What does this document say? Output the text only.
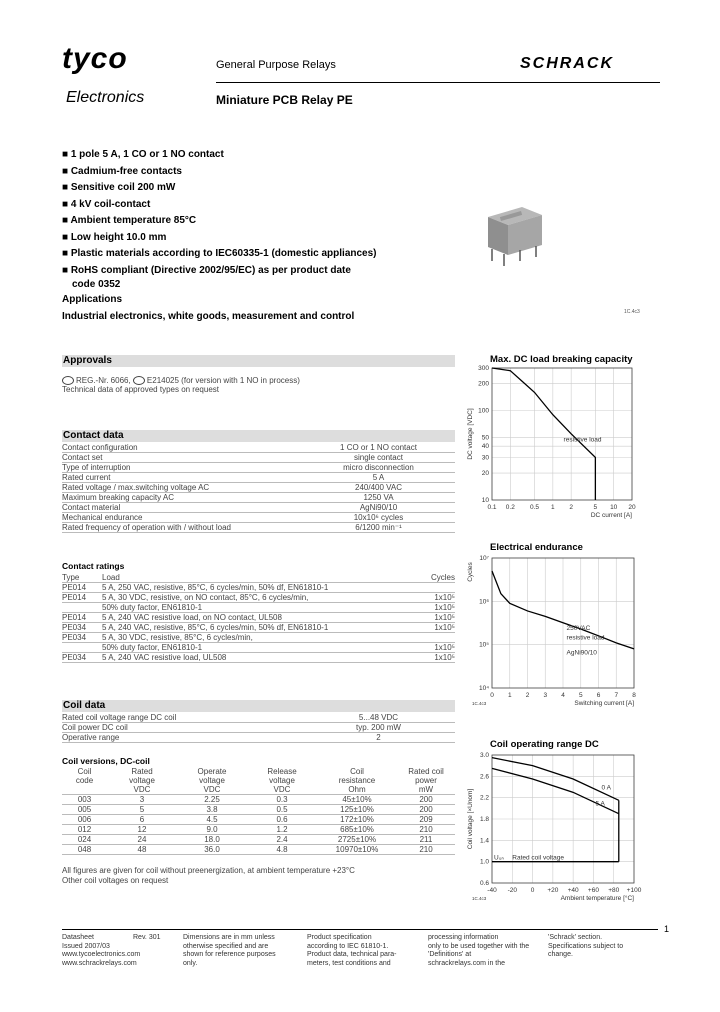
tyco
Electronics
General Purpose Relays
Miniature PCB Relay PE
SCHRACK
■ 1 pole 5 A, 1 CO or 1 NO contact
■ Cadmium-free contacts
■ Sensitive coil 200 mW
■ 4 kV coil-contact
■ Ambient temperature 85°C
■ Low height 10.0 mm
■ Plastic materials according to IEC60335-1 (domestic appliances)
■ RoHS compliant (Directive 2002/95/EC) as per product date
code 0352
Applications
Industrial electronics, white goods, measurement and control	1C.4c3
Approvals
REG.-Nr. 6066, E214025 (for version with 1 NO in process)
Technical data of approved types on request
Contact data
Contact configuration	1 CO or 1 NO contact
Contact set	single contact
Type of interruption	micro disconnection
Rated current	5 A
Rated voltage / max.switching voltage AC	240/400 VAC
Maximum breaking capacity AC	1250 VA
Contact material	AgNi90/10
Mechanical endurance	10x10⁶ cycles
Rated frequency of operation with / without load	6/1200 min⁻¹
Contact ratings
Type	Load	Cycles
PE014	5 A, 250 VAC, resistive, 85°C, 6 cycles/min, 50% df, EN61810-1	
PE014	5 A, 30 VDC, resistive, on NO contact, 85°C, 6 cycles/min,	1x10⁵
	50% duty factor, EN61810-1	1x10⁵
PE014	5 A, 240 VAC resistive load, on NO contact, UL508	1x10⁵
PE034	5 A, 240 VAC, resistive, 85°C, 6 cycles/min, 50% df, EN61810-1	1x10⁵
PE034	5 A, 30 VDC, resistive, 85°C, 6 cycles/min,	
	50% duty factor, EN61810-1	1x10⁵
PE034	5 A, 240 VAC resistive load, UL508	1x10⁵
Coil data
Rated coil voltage range DC coil	5...48 VDC
Coil power DC coil	typ. 200 mW
Operative range	2
Coil versions, DC-coil
Coil	Rated	Operate	Release	Coil	Rated coil
code	voltage	voltage	voltage	resistance	power
	VDC	VDC	VDC	Ohm	mW
003	3	2.25	0.3	45±10%	200
005	5	3.8	0.5	125±10%	200
006	6	4.5	0.6	172±10%	209
012	12	9.0	1.2	685±10%	210
024	24	18.0	2.4	2725±10%	211
048	48	36.0	4.8	10970±10%	210
All figures are given for coil without preenergization, at ambient temperature +23°C
Other coil voltages on request
Max. DC load breaking capacity
0.1 0.2 0.5 1 2	5 10 20
10
20
30
40
50
100
200
300
resistive load
DC current [A]
DC voltage [VDC]
Electrical endurance
0 1 2 3 4 5 6 7 8
10⁷
10⁶
10⁵
10⁴
250VAC
resistive load
AgNi90/10
Switching current [A]
Cycles
1C.4c3
Coil operating range DC
-40 -20 0 +20 +40 +60 +80 +100
3.0
2.6
2.2
1.8
1.4
1.0
0.6
0 A
5 A
U₀ₙ Rated coil voltage
Ambient temperature [°C]
Coil voltage [×Unom]
1C.4c3
1
Datasheet
Issued 2007/03
www.tycoelectronics.com
www.schrackrelays.com
Rev. 301	Dimensions are in mm unless
otherwise specified and are
shown for reference purposes
only.
Product specification
according to IEC 61810-1.
Product data, technical para-
meters, test conditions and
processing information
only to be used together with the
'Definitions' at
schrackrelays.com in the
'Schrack' section.
Specifications subject to
change.
